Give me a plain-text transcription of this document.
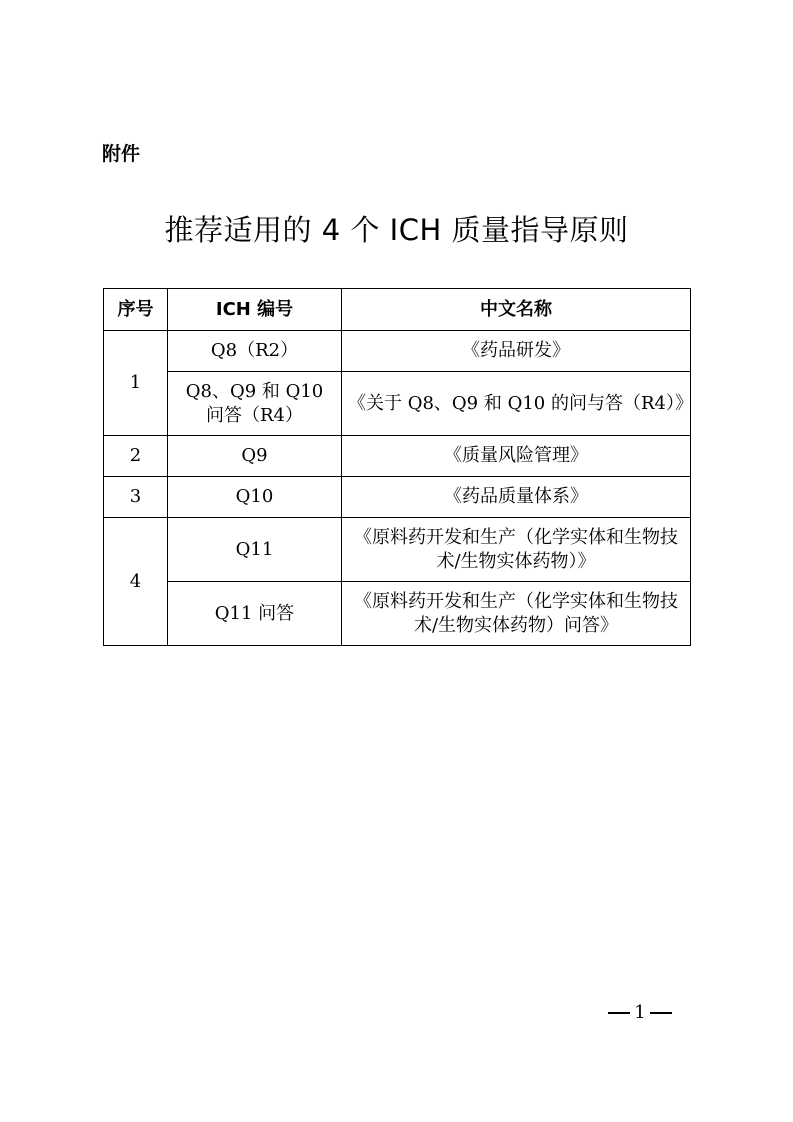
附件
推荐适用的 4 个 ICH 质量指导原则
序号	ICH 编号	中文名称
1	Q8（R2）	《药品研发》
	Q8、Q9 和 Q10 问答（R4）	《关于 Q8、Q9 和 Q10 的问与答（R4）》
2	Q9	《质量风险管理》
3	Q10	《药品质量体系》
4	Q11	《原料药开发和生产（化学实体和生物技术/生物实体药物）》
	Q11 问答	《原料药开发和生产（化学实体和生物技术/生物实体药物）问答》
1
